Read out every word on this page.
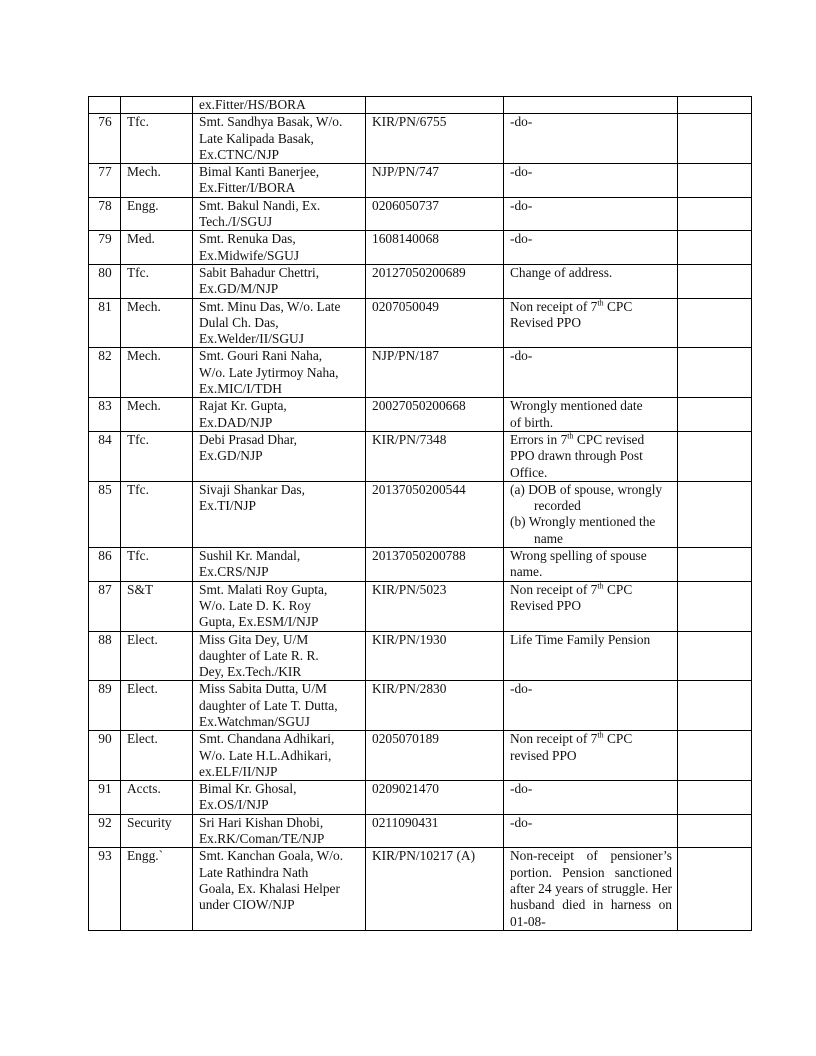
		ex.Fitter/HS/BORA			

76	Tfc.	Smt. Sandhya Basak, W/o.
Late Kalipada Basak,
Ex.CTNC/NJP	KIR/PN/6755	-do-	

77	Mech.	Bimal Kanti Banerjee,
Ex.Fitter/I/BORA	NJP/PN/747	-do-	

78	Engg.	Smt. Bakul Nandi, Ex.
Tech./I/SGUJ	0206050737	-do-	

79	Med.	Smt. Renuka Das,
Ex.Midwife/SGUJ	1608140068	-do-	

80	Tfc.	Sabit Bahadur Chettri,
Ex.GD/M/NJP	20127050200689	Change of address.	

81	Mech.	Smt. Minu Das, W/o. Late
Dulal Ch. Das,
Ex.Welder/II/SGUJ	0207050049	Non receipt of 7th CPC
Revised PPO	

82	Mech.	Smt. Gouri Rani Naha,
W/o. Late Jytirmoy Naha,
Ex.MIC/I/TDH	NJP/PN/187	-do-	

83	Mech.	Rajat Kr. Gupta,
Ex.DAD/NJP	20027050200668	Wrongly mentioned date
of birth.	

84	Tfc.	Debi Prasad Dhar,
Ex.GD/NJP	KIR/PN/7348	Errors in 7th CPC revised
PPO drawn through Post
Office.	

85	Tfc.	Sivaji Shankar Das,
Ex.TI/NJP	20137050200544	(a) DOB of spouse, wrongly recorded
(b) Wrongly mentioned the name	

86	Tfc.	Sushil Kr. Mandal,
Ex.CRS/NJP	20137050200788	Wrong spelling of spouse
name.	

87	S&T	Smt. Malati Roy Gupta,
W/o. Late D. K. Roy
Gupta, Ex.ESM/I/NJP	KIR/PN/5023	Non receipt of 7th CPC
Revised PPO	

88	Elect.	Miss Gita Dey, U/M
daughter of Late R. R.
Dey, Ex.Tech./KIR	KIR/PN/1930	Life Time Family Pension	

89	Elect.	Miss Sabita Dutta, U/M
daughter of Late T. Dutta,
Ex.Watchman/SGUJ	KIR/PN/2830	-do-	

90	Elect.	Smt. Chandana Adhikari,
W/o. Late H.L.Adhikari,
ex.ELF/II/NJP	0205070189	Non receipt of 7th CPC
revised PPO	

91	Accts.	Bimal Kr. Ghosal,
Ex.OS/I/NJP	0209021470	-do-	

92	Security	Sri Hari Kishan Dhobi,
Ex.RK/Coman/TE/NJP	0211090431	-do-	

93	Engg.`	Smt. Kanchan Goala, W/o.
Late Rathindra Nath
Goala, Ex. Khalasi Helper
under CIOW/NJP	KIR/PN/10217 (A)	Non-receipt of pensioner’s portion. Pension sanctioned after 24 years of struggle. Her husband died in harness on 01-08-	
